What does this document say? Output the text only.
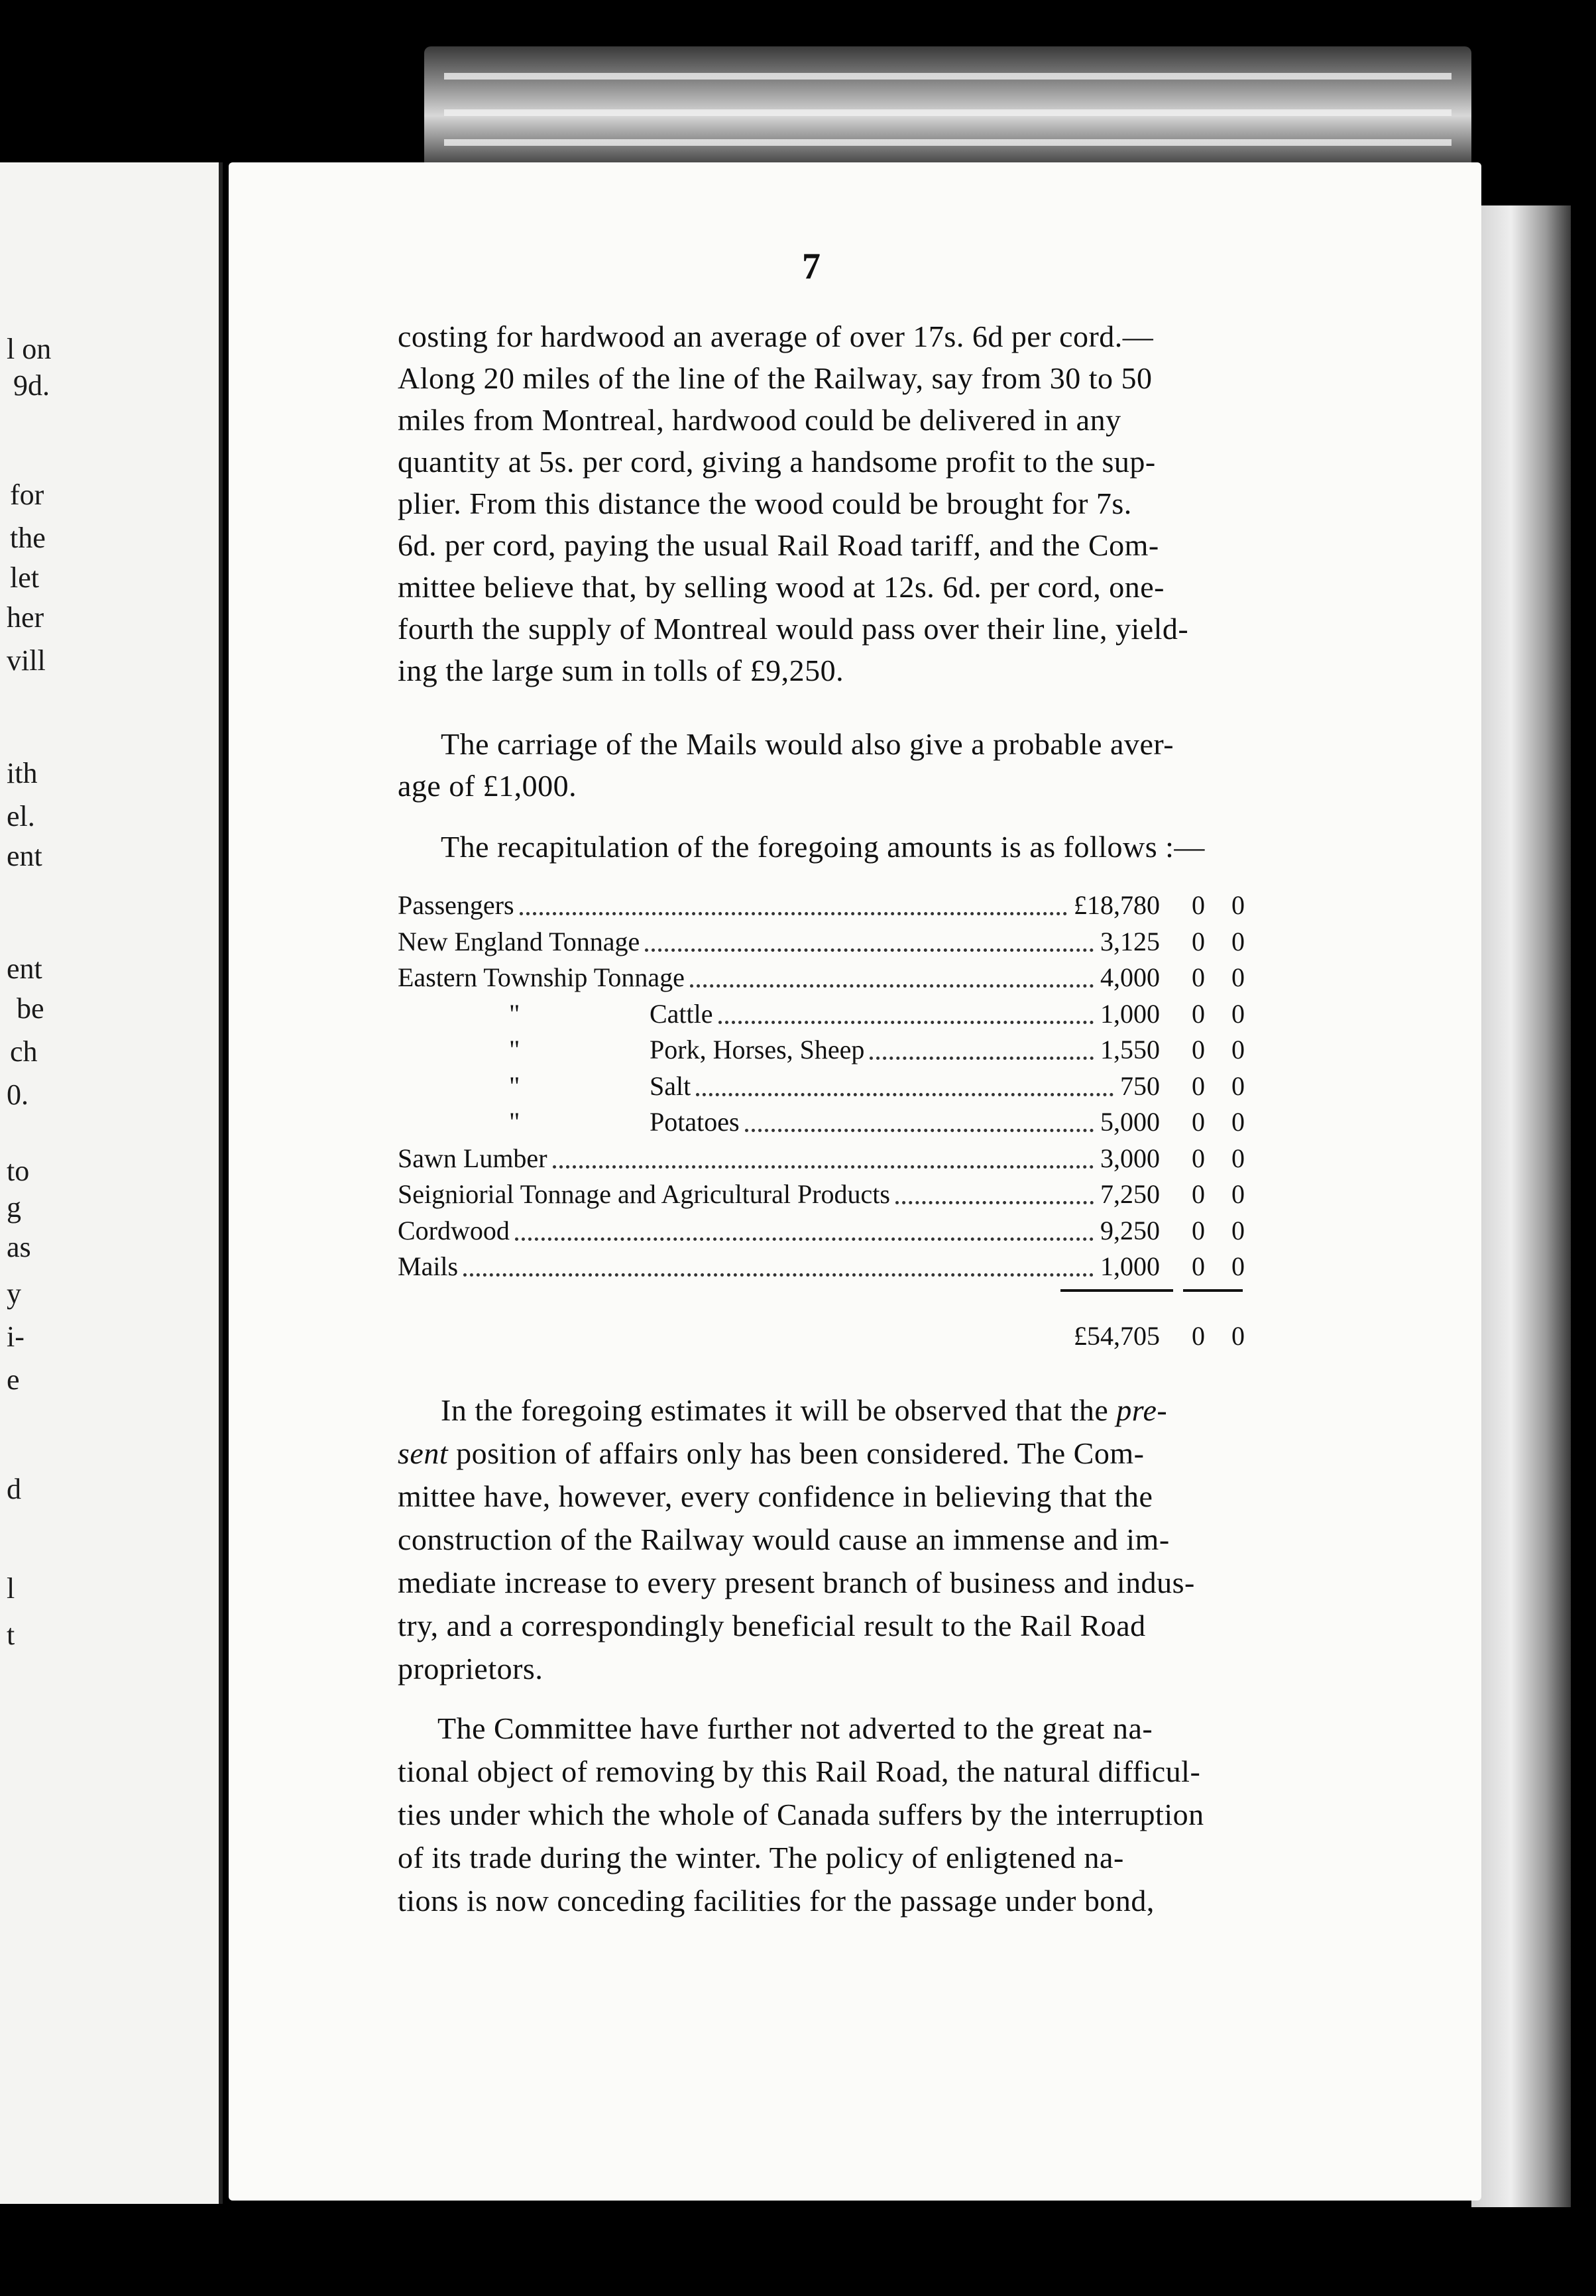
l on
9d.
for
the
let
her
vill
ith
el.
ent
ent
be
ch
0.
to
g
as
y
i-
e
d
l
t
7
In the foregoing estimates it will be observed that the pre-
sent position of affairs only has been considered. The Com-
costing for hardwood an average of over 17s. 6d per cord.—
Along 20 miles of the line of the Railway, say from 30 to 50
miles from Montreal, hardwood could be delivered in any
quantity at 5s. per cord, giving a handsome profit to the sup-
plier. From this distance the wood could be brought for 7s.
6d. per cord, paying the usual Rail Road tariff, and the Com-
mittee believe that, by selling wood at 12s. 6d. per cord, one-
fourth the supply of Montreal would pass over their line, yield-
ing the large sum in tolls of £9,250.
The carriage of the Mails would also give a probable aver-
age of £1,000.
The recapitulation of the foregoing amounts is as follows :—
mittee have, however, every confidence in believing that the
construction of the Railway would cause an immense and im-
mediate increase to every present branch of business and indus-
try, and a correspondingly beneficial result to the Rail Road
proprietors.
The Committee have further not adverted to the great na-
tional object of removing by this Rail Road, the natural difficul-
ties under which the whole of Canada suffers by the interruption
of its trade during the winter. The policy of enligtened na-
tions is now conceding facilities for the passage under bond,
Passengers	£18,780 0 0
New England Tonnage	3,125 0 0
Eastern Township Tonnage	4,000 0 0
"	Cattle	1,000 0 0
"	Pork, Horses, Sheep	1,550 0 0
"	Salt	750 0 0
"	Potatoes	5,000 0 0
Sawn Lumber	3,000 0 0
Seigniorial Tonnage and Agricultural Products	7,250 0 0
Cordwood	9,250 0 0
Mails	1,000 0 0
£54,705 0 0
